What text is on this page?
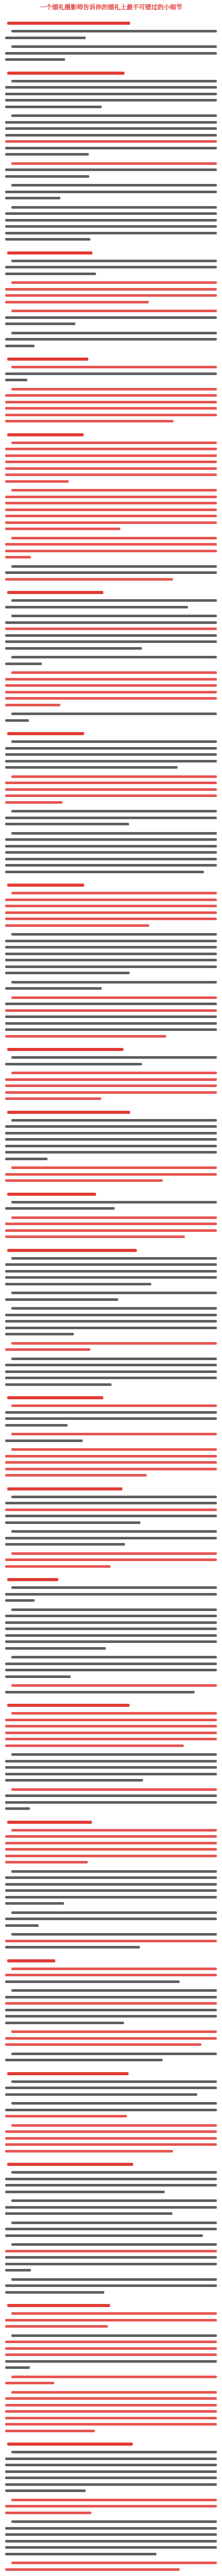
一个婚礼摄影师告诉你的婚礼上最不可错过的小细节
